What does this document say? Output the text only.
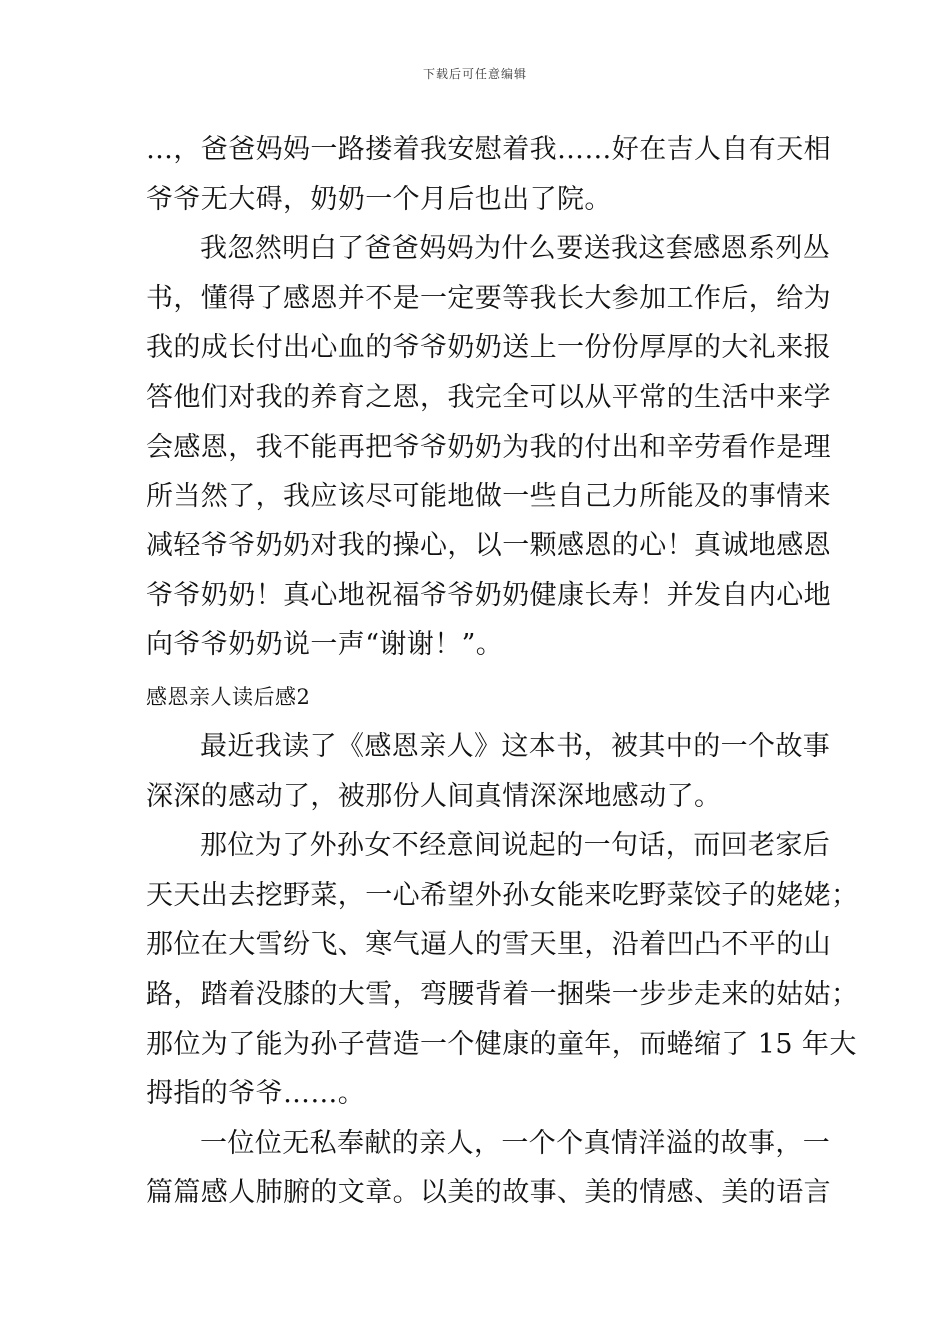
下载后可任意编辑
…，爸爸妈妈一路搂着我安慰着我……好在吉人自有天相
爷爷无大碍，奶奶一个月后也出了院。
我忽然明白了爸爸妈妈为什么要送我这套感恩系列丛
书，懂得了感恩并不是一定要等我长大参加工作后，给为
我的成长付出心血的爷爷奶奶送上一份份厚厚的大礼来报
答他们对我的养育之恩，我完全可以从平常的生活中来学
会感恩，我不能再把爷爷奶奶为我的付出和辛劳看作是理
所当然了，我应该尽可能地做一些自己力所能及的事情来
减轻爷爷奶奶对我的操心，以一颗感恩的心！真诚地感恩
爷爷奶奶！真心地祝福爷爷奶奶健康长寿！并发自内心地
向爷爷奶奶说一声“谢谢！”。
感恩亲人读后感2
最近我读了《感恩亲人》这本书，被其中的一个故事
深深的感动了，被那份人间真情深深地感动了。
那位为了外孙女不经意间说起的一句话，而回老家后
天天出去挖野菜，一心希望外孙女能来吃野菜饺子的姥姥；
那位在大雪纷飞、寒气逼人的雪天里，沿着凹凸不平的山
路，踏着没膝的大雪，弯腰背着一捆柴一步步走来的姑姑；
那位为了能为孙子营造一个健康的童年，而蜷缩了 15 年大
拇指的爷爷……。
一位位无私奉献的亲人，一个个真情洋溢的故事，一
篇篇感人肺腑的文章。以美的故事、美的情感、美的语言
